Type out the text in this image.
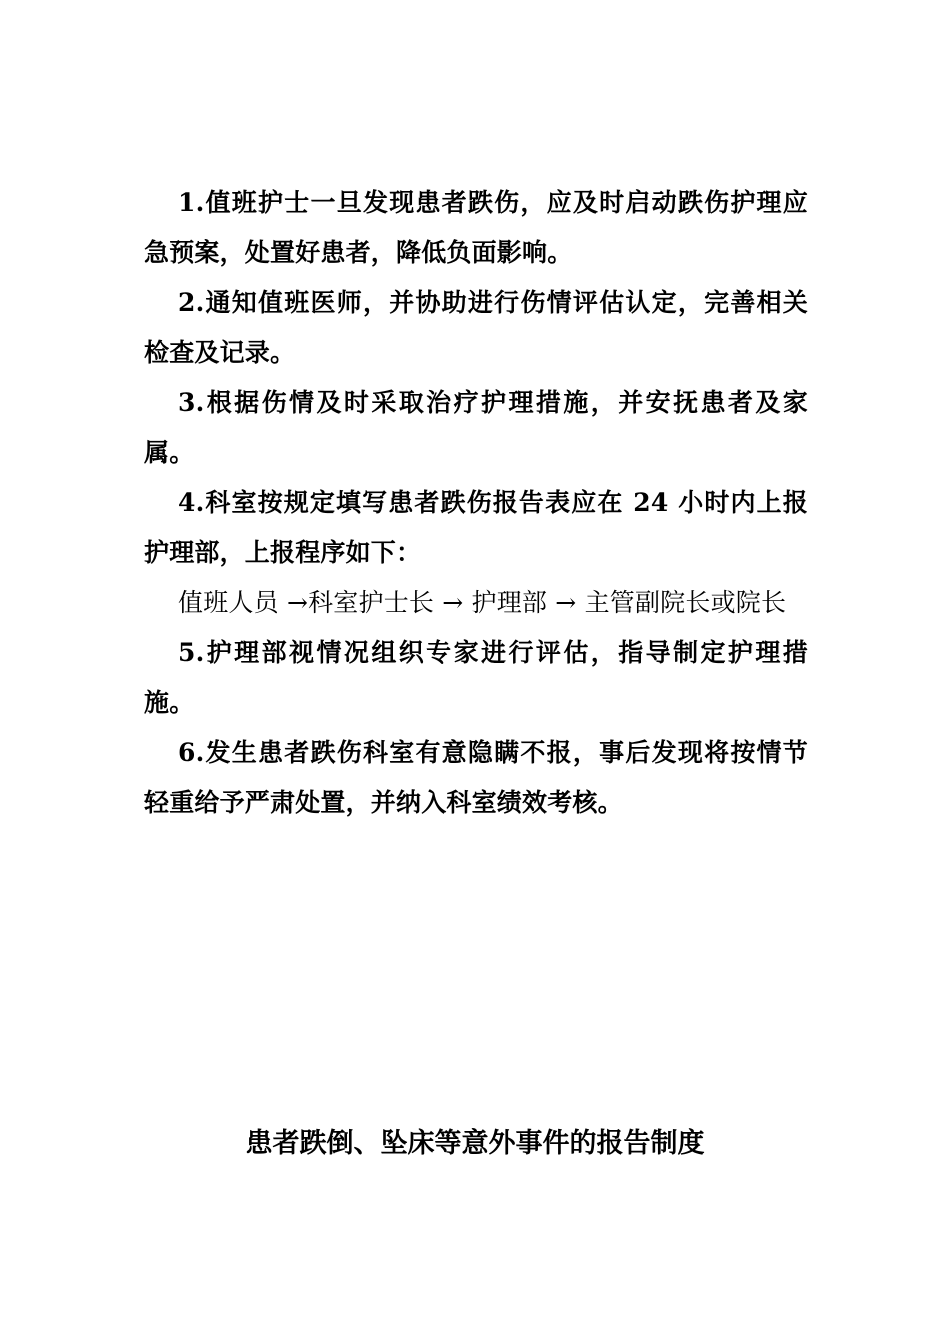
1.值班护士一旦发现患者跌伤，应及时启动跌伤护理应急预案，处置好患者，降低负面影响。

2.通知值班医师，并协助进行伤情评估认定，完善相关检查及记录。

3.根据伤情及时采取治疗护理措施，并安抚患者及家属。

4.科室按规定填写患者跌伤报告表应在 24 小时内上报护理部，上报程序如下：

值班人员 →科室护士长 → 护理部 → 主管副院长或院长

5.护理部视情况组织专家进行评估，指导制定护理措施。

6.发生患者跌伤科室有意隐瞒不报，事后发现将按情节轻重给予严肃处置，并纳入科室绩效考核。

患者跌倒、坠床等意外事件的报告制度
